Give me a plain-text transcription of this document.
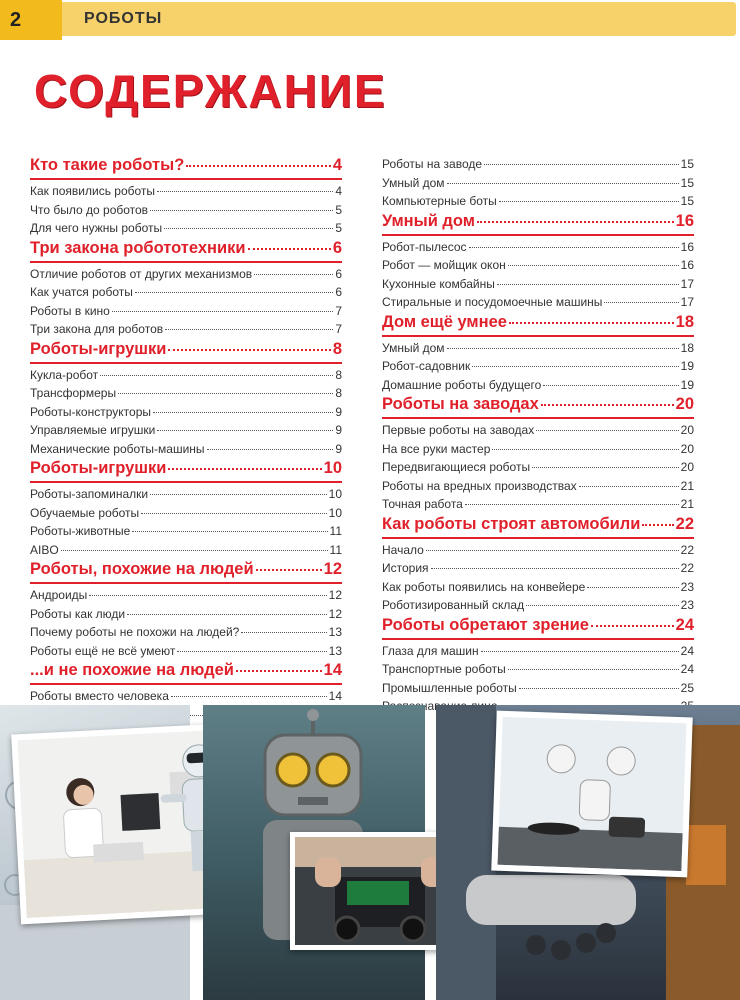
2	РОБОТЫ
СОДЕРЖАНИЕ
Кто такие роботы?	4
Как появились роботы	4
Что было до роботов	5
Для чего нужны роботы	5
Три закона робототехники	6
Отличие роботов от других механизмов	6
Как учатся роботы	6
Роботы в кино	7
Три закона для роботов	7
Роботы-игрушки	8
Кукла-робот	8
Трансформеры	8
Роботы-конструкторы	9
Управляемые игрушки	9
Механические роботы-машины	9
Роботы-игрушки	10
Роботы-запоминалки	10
Обучаемые роботы	10
Роботы-животные	11
AIBO	11
Роботы, похожие на людей	12
Андроиды	12
Роботы как люди	12
Почему роботы не похожи на людей?	13
Роботы ещё не всё умеют	13
...и не похожие на людей	14
Роботы вместо человека	14
Роботы на заводе	15
Умный дом	15
Компьютерные боты	15
Умный дом	16
Робот-пылесос	16
Робот — мойщик окон	16
Кухонные комбайны	17
Стиральные и посудомоечные машины	17
Дом ещё умнее	18
Умный дом	18
Робот-садовник	19
Домашние роботы будущего	19
Роботы на заводах	20
Первые роботы на заводах	20
На все руки мастер	20
Передвигающиеся роботы	20
Роботы на вредных производствах	21
Точная работа	21
Как роботы строят автомобили 22
Начало	22
История	22
Как роботы появились на конвейере	23
Роботизированный склад	23
Роботы обретают зрение	24
Глаза для машин	24
Транспортные роботы	24
Промышленные роботы	25
